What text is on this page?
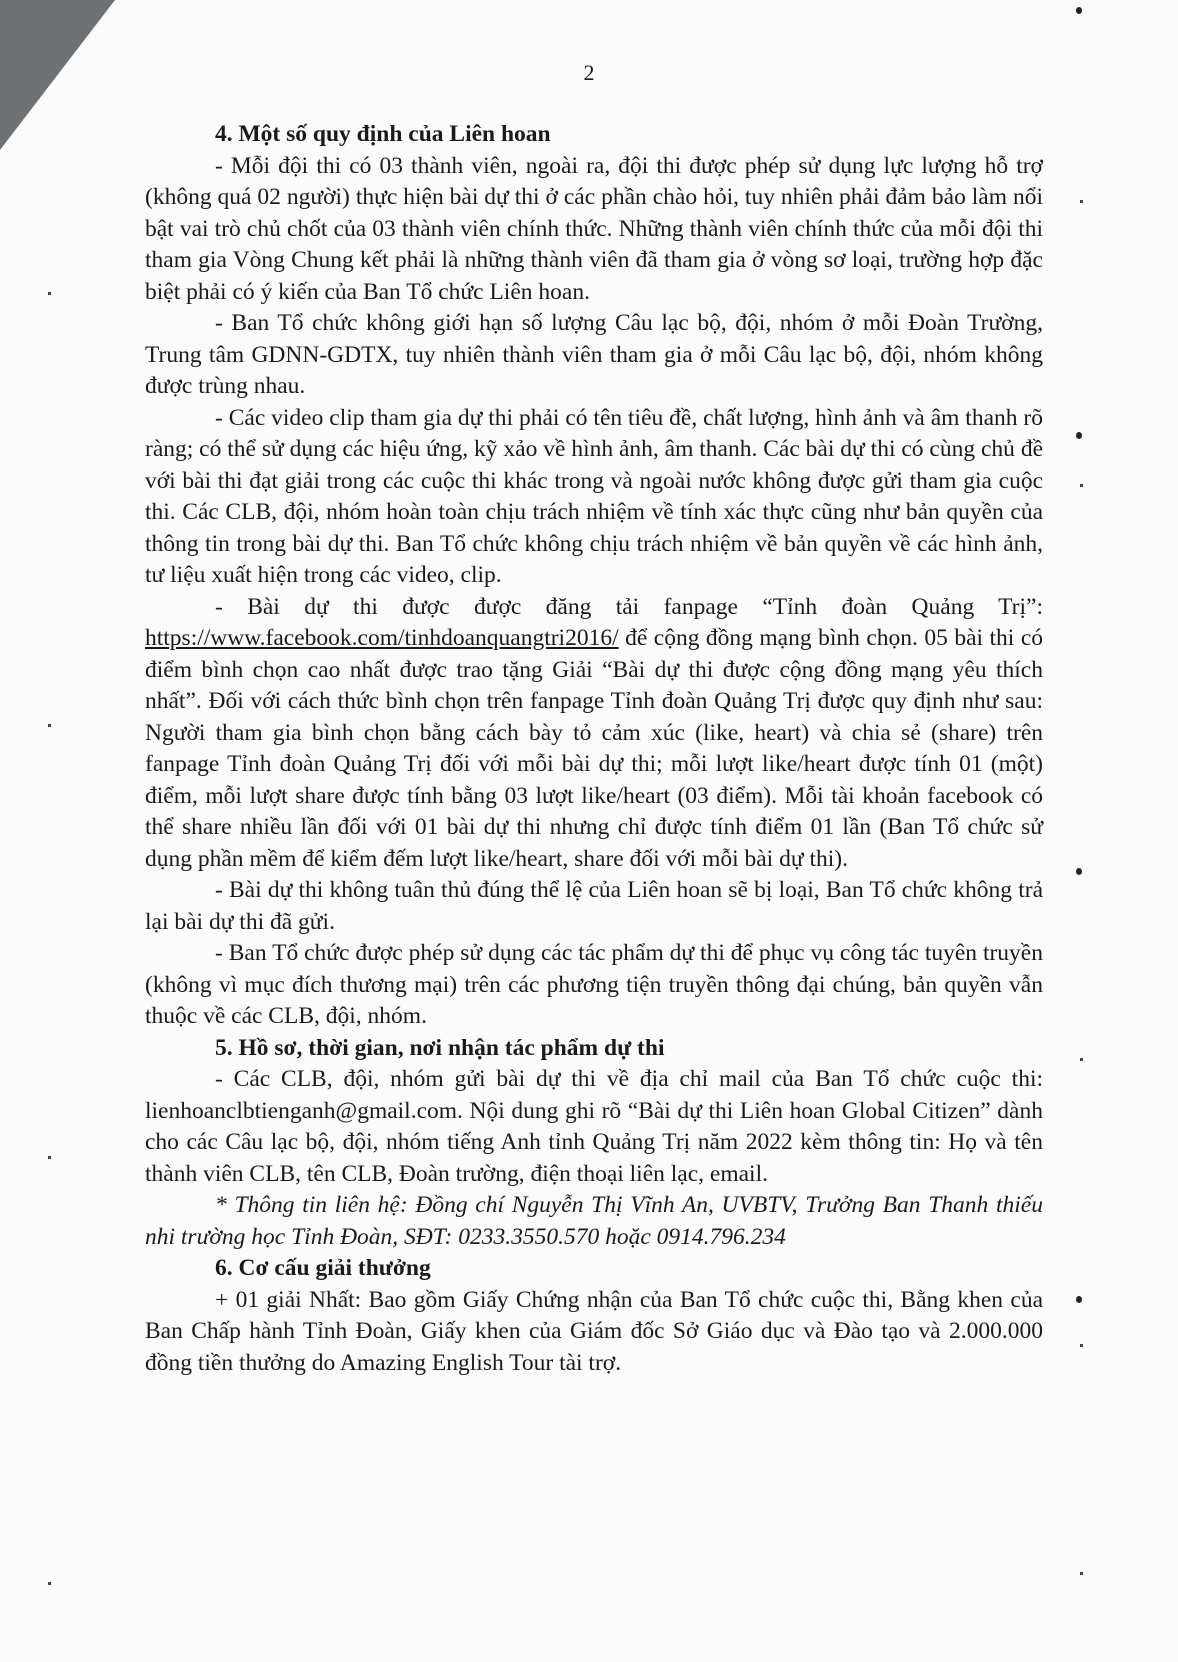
2

4. Một số quy định của Liên hoan

- Mỗi đội thi có 03 thành viên, ngoài ra, đội thi được phép sử dụng lực lượng hỗ trợ (không quá 02 người) thực hiện bài dự thi ở các phần chào hỏi, tuy nhiên phải đảm bảo làm nổi bật vai trò chủ chốt của 03 thành viên chính thức. Những thành viên chính thức của mỗi đội thi tham gia Vòng Chung kết phải là những thành viên đã tham gia ở vòng sơ loại, trường hợp đặc biệt phải có ý kiến của Ban Tổ chức Liên hoan.

- Ban Tổ chức không giới hạn số lượng Câu lạc bộ, đội, nhóm ở mỗi Đoàn Trường, Trung tâm GDNN-GDTX, tuy nhiên thành viên tham gia ở mỗi Câu lạc bộ, đội, nhóm không được trùng nhau.

- Các video clip tham gia dự thi phải có tên tiêu đề, chất lượng, hình ảnh và âm thanh rõ ràng; có thể sử dụng các hiệu ứng, kỹ xảo về hình ảnh, âm thanh. Các bài dự thi có cùng chủ đề với bài thi đạt giải trong các cuộc thi khác trong và ngoài nước không được gửi tham gia cuộc thi. Các CLB, đội, nhóm hoàn toàn chịu trách nhiệm về tính xác thực cũng như bản quyền của thông tin trong bài dự thi. Ban Tổ chức không chịu trách nhiệm về bản quyền về các hình ảnh, tư liệu xuất hiện trong các video, clip.

- Bài dự thi được được đăng tải fanpage “Tỉnh đoàn Quảng Trị”: https://www.facebook.com/tinhdoanquangtri2016/ để cộng đồng mạng bình chọn. 05 bài thi có điểm bình chọn cao nhất được trao tặng Giải “Bài dự thi được cộng đồng mạng yêu thích nhất”. Đối với cách thức bình chọn trên fanpage Tỉnh đoàn Quảng Trị được quy định như sau: Người tham gia bình chọn bằng cách bày tỏ cảm xúc (like, heart) và chia sẻ (share) trên fanpage Tỉnh đoàn Quảng Trị đối với mỗi bài dự thi; mỗi lượt like/heart được tính 01 (một) điểm, mỗi lượt share được tính bằng 03 lượt like/heart (03 điểm). Mỗi tài khoản facebook có thể share nhiều lần đối với 01 bài dự thi nhưng chỉ được tính điểm 01 lần (Ban Tổ chức sử dụng phần mềm để kiểm đếm lượt like/heart, share đối với mỗi bài dự thi).

- Bài dự thi không tuân thủ đúng thể lệ của Liên hoan sẽ bị loại, Ban Tổ chức không trả lại bài dự thi đã gửi.

- Ban Tổ chức được phép sử dụng các tác phẩm dự thi để phục vụ công tác tuyên truyền (không vì mục đích thương mại) trên các phương tiện truyền thông đại chúng, bản quyền vẫn thuộc về các CLB, đội, nhóm.

5. Hồ sơ, thời gian, nơi nhận tác phẩm dự thi

- Các CLB, đội, nhóm gửi bài dự thi về địa chỉ mail của Ban Tổ chức cuộc thi: lienhoanclbtienganh@gmail.com. Nội dung ghi rõ “Bài dự thi Liên hoan Global Citizen” dành cho các Câu lạc bộ, đội, nhóm tiếng Anh tỉnh Quảng Trị năm 2022 kèm thông tin: Họ và tên thành viên CLB, tên CLB, Đoàn trường, điện thoại liên lạc, email.

* Thông tin liên hệ: Đồng chí Nguyễn Thị Vĩnh An, UVBTV, Trưởng Ban Thanh thiếu nhi trường học Tỉnh Đoàn, SĐT: 0233.3550.570 hoặc 0914.796.234

6. Cơ cấu giải thưởng

+ 01 giải Nhất: Bao gồm Giấy Chứng nhận của Ban Tổ chức cuộc thi, Bằng khen của Ban Chấp hành Tỉnh Đoàn, Giấy khen của Giám đốc Sở Giáo dục và Đào tạo và 2.000.000 đồng tiền thưởng do Amazing English Tour tài trợ.
